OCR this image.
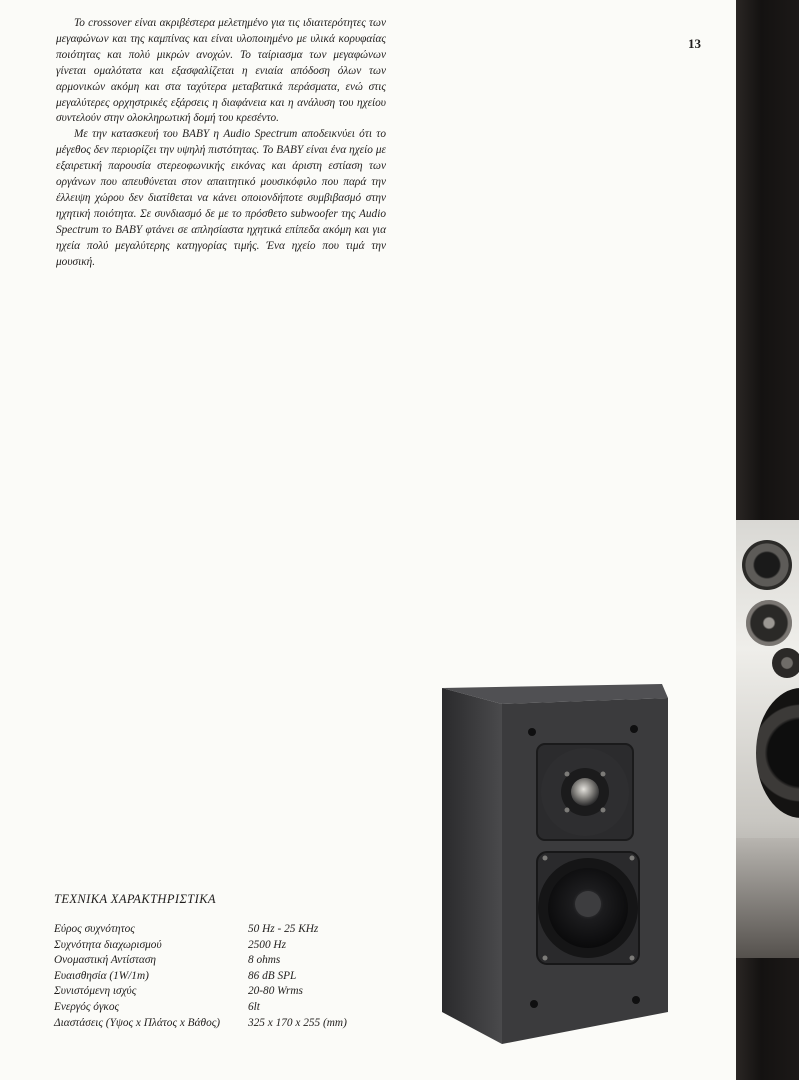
13

Το crossover είναι ακριβέστερα μελετημένο για τις ιδιαιτερότητες των μεγαφώνων και της καμπίνας και είναι υλοποιημένο με υλικά κορυφαίας ποιότητας και πολύ μικρών ανοχών. Το ταίριασμα των μεγαφώνων γίνεται ομαλότατα και εξασφαλίζεται η ενιαία απόδοση όλων των αρμονικών ακόμη και στα ταχύτερα μεταβατικά περάσματα, ενώ στις μεγαλύτερες ορχηστρικές εξάρσεις η διαφάνεια και η ανάλυση του ηχείου συντελούν στην ολοκληρωτική δομή του κρεσέντο.

Με την κατασκευή του BABY η Audio Spectrum αποδεικνύει ότι το μέγεθος δεν περιορίζει την υψηλή πιστότητας. Το BABY είναι ένα ηχείο με εξαιρετική παρουσία στερεοφωνικής εικόνας και άριστη εστίαση των οργάνων που απευθύνεται στον απαιτητικό μουσικόφιλο που παρά την έλλειψη χώρου δεν διατίθεται να κάνει οποιονδήποτε συμβιβασμό στην ηχητική ποιότητα. Σε συνδιασμό δε με το πρόσθετο subwoofer της Audio Spectrum το BABY φτάνει σε απλησίαστα ηχητικά επίπεδα ακόμη και για ηχεία πολύ μεγαλύτερης κατηγορίας τιμής. Ένα ηχείο που τιμά την μουσική.

ΤΕΧΝΙΚΑ ΧΑΡΑΚΤΗΡΙΣΤΙΚΑ
Εύρος συχνότητος
Συχνότητα διαχωρισμού
Ονομαστική Αντίσταση
Ευαισθησία (1W/1m)
Συνιστόμενη ισχύς
Ενεργός όγκος
Διαστάσεις (Υψος x Πλάτος x Βάθος)
50 Hz - 25 KHz
2500 Hz
8 ohms
86 dB SPL
20-80 Wrms
6lt
325 x 170 x 255 (mm)
